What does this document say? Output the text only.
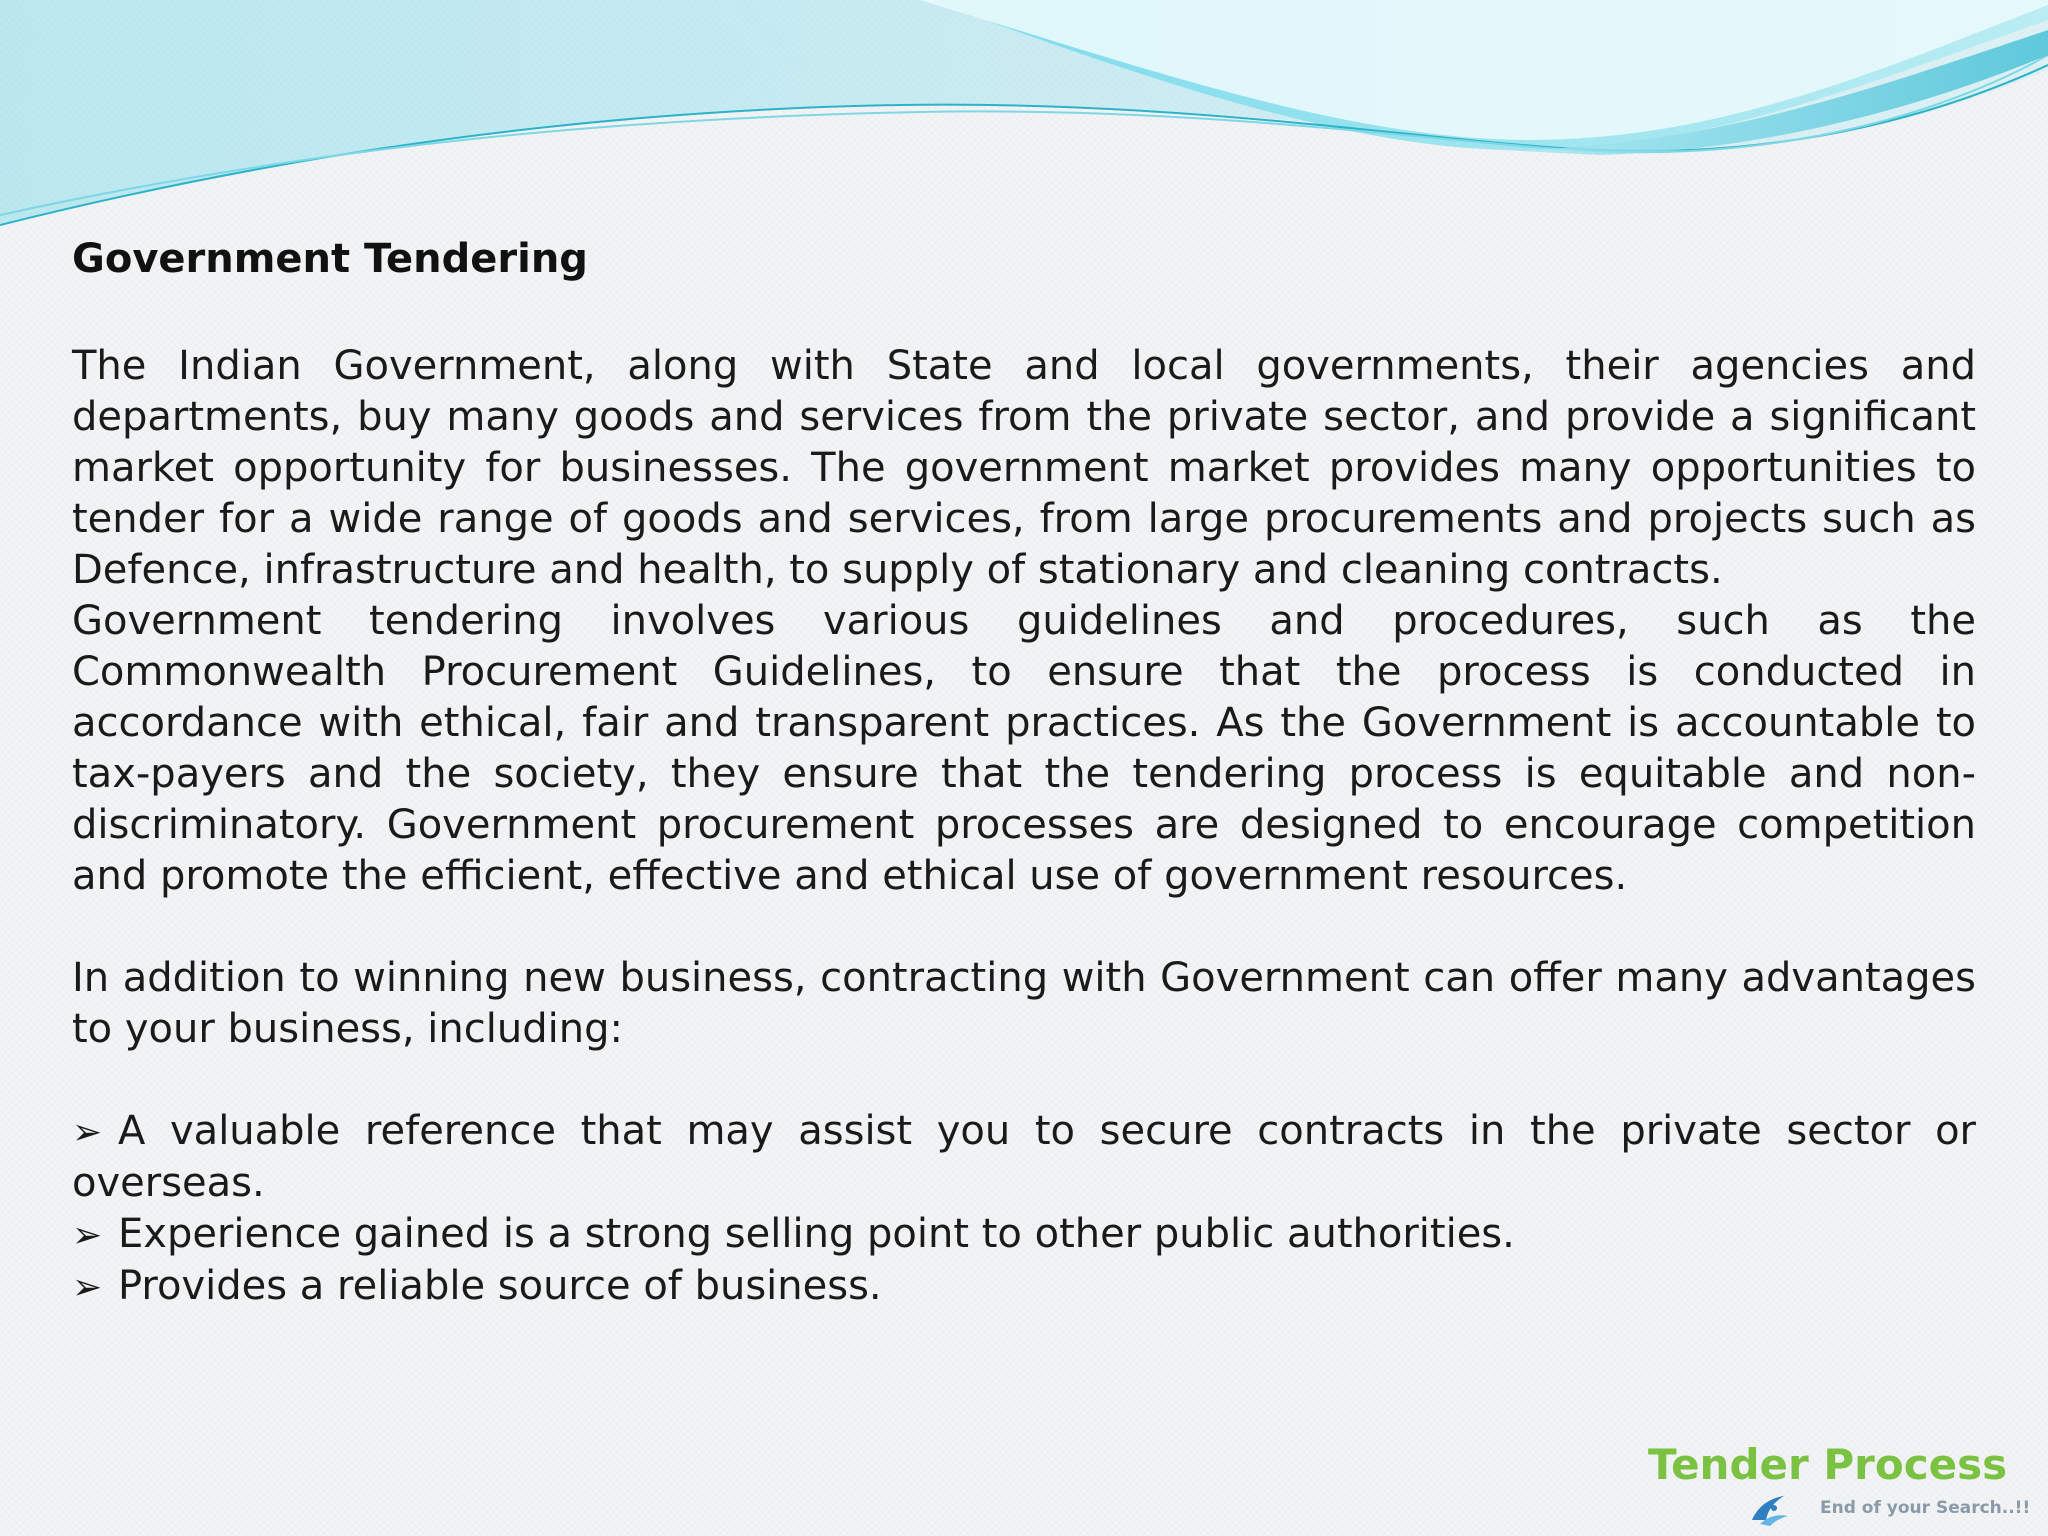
Government Tendering

The Indian Government, along with State and local governments, their agencies and departments, buy many goods and services from the private sector, and provide a significant market opportunity for businesses. The government market provides many opportunities to tender for a wide range of goods and services, from large procurements and projects such as Defence, infrastructure and health, to supply of stationary and cleaning contracts.

Government tendering involves various guidelines and procedures, such as the Commonwealth Procurement Guidelines, to ensure that the process is conducted in accordance with ethical, fair and transparent practices. As the Government is accountable to tax-payers and the society, they ensure that the tendering process is equitable and non-discriminatory. Government procurement processes are designed to encourage competition and promote the efficient, effective and ethical use of government resources.

In addition to winning new business, contracting with Government can offer many advantages to your business, including:

➢ A valuable reference that may assist you to secure contracts in the private sector or overseas.
➢ Experience gained is a strong selling point to other public authorities.
➢ Provides a reliable source of business.
Tender Process
End of your Search..!!
